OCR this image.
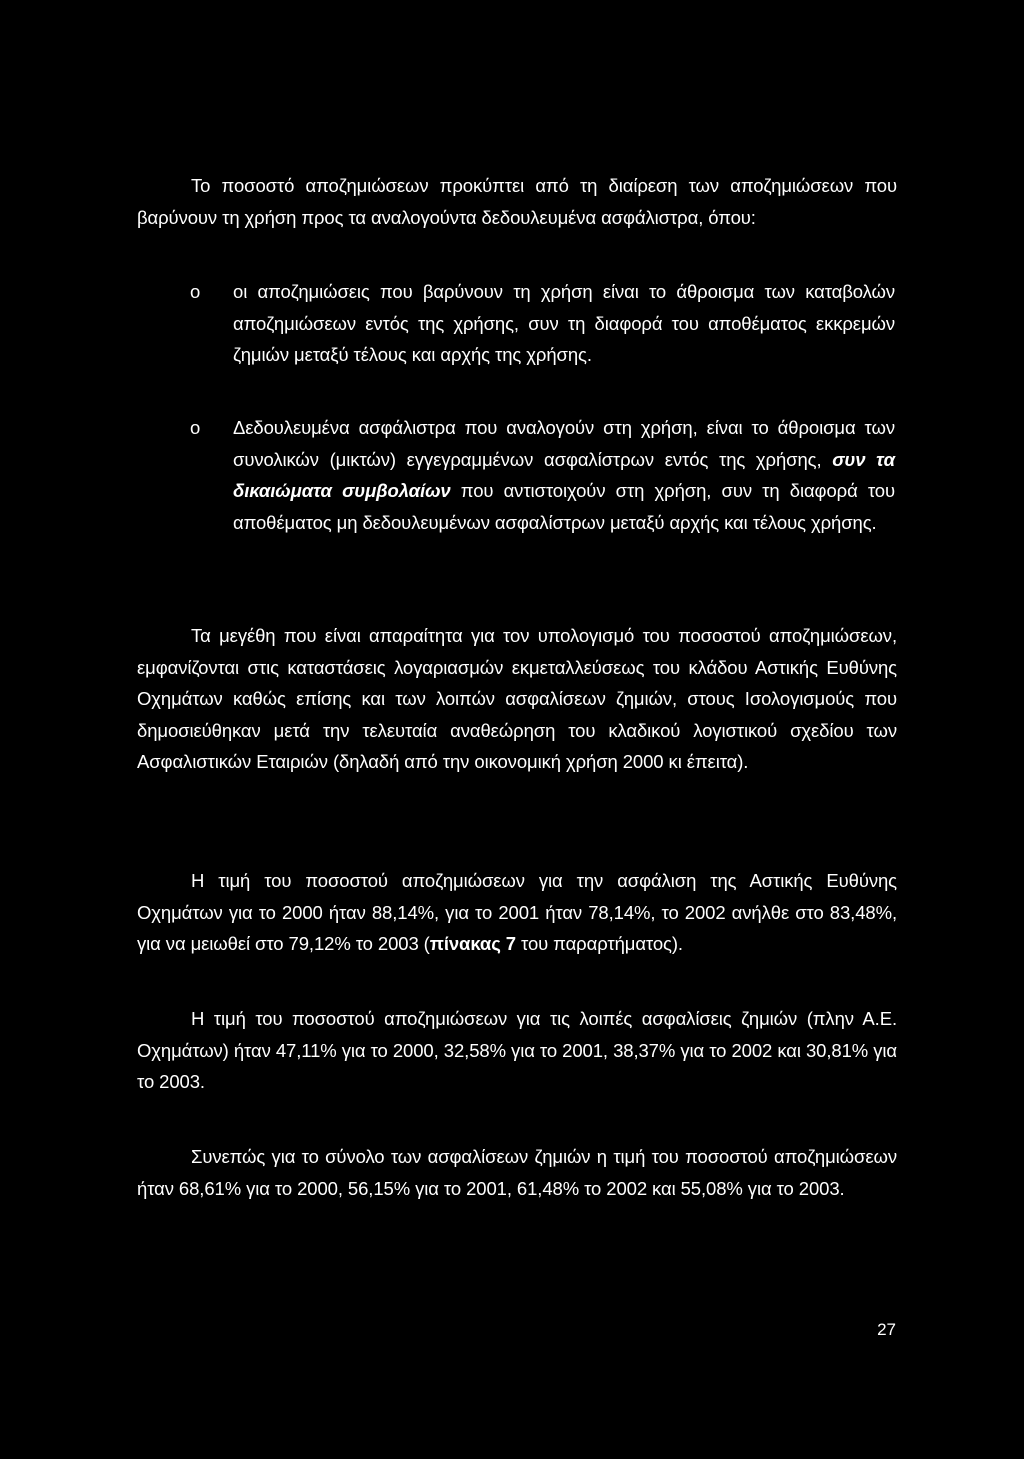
Το ποσοστό αποζημιώσεων προκύπτει από τη διαίρεση των αποζημιώσεων που βαρύνουν τη χρήση προς τα αναλογούντα δεδουλευμένα ασφάλιστρα, όπου:

o	οι αποζημιώσεις που βαρύνουν τη χρήση είναι το άθροισμα των καταβολών αποζημιώσεων εντός της χρήσης, συν τη διαφορά του αποθέματος εκκρεμών ζημιών μεταξύ τέλους και αρχής της χρήσης.

o	Δεδουλευμένα ασφάλιστρα που αναλογούν στη χρήση, είναι το άθροισμα των συνολικών (μικτών) εγγεγραμμένων ασφαλίστρων εντός της χρήσης, συν τα δικαιώματα συμβολαίων που αντιστοιχούν στη χρήση, συν τη διαφορά του αποθέματος μη δεδουλευμένων ασφαλίστρων μεταξύ αρχής και τέλους χρήσης.

Τα μεγέθη που είναι απαραίτητα για τον υπολογισμό του ποσοστού αποζημιώσεων, εμφανίζονται στις καταστάσεις λογαριασμών εκμεταλλεύσεως του κλάδου Αστικής Ευθύνης Οχημάτων καθώς επίσης και των λοιπών ασφαλίσεων ζημιών, στους Ισολογισμούς που δημοσιεύθηκαν μετά την τελευταία αναθεώρηση του κλαδικού λογιστικού σχεδίου των Ασφαλιστικών Εταιριών (δηλαδή από την οικονομική χρήση 2000 κι έπειτα).

Η τιμή του ποσοστού αποζημιώσεων για την ασφάλιση της Αστικής Ευθύνης Οχημάτων για το 2000 ήταν 88,14%, για το 2001 ήταν 78,14%, το 2002 ανήλθε στο 83,48%, για να μειωθεί στο 79,12% το 2003 (πίνακας 7 του παραρτήματος).

Η τιμή του ποσοστού αποζημιώσεων για τις λοιπές ασφαλίσεις ζημιών (πλην Α.Ε. Οχημάτων) ήταν 47,11% για το 2000, 32,58% για το 2001, 38,37% για το 2002 και 30,81% για το 2003.

Συνεπώς για το σύνολο των ασφαλίσεων ζημιών η τιμή του ποσοστού αποζημιώσεων ήταν 68,61% για το 2000, 56,15% για το 2001, 61,48% το 2002 και 55,08% για το 2003.

27
